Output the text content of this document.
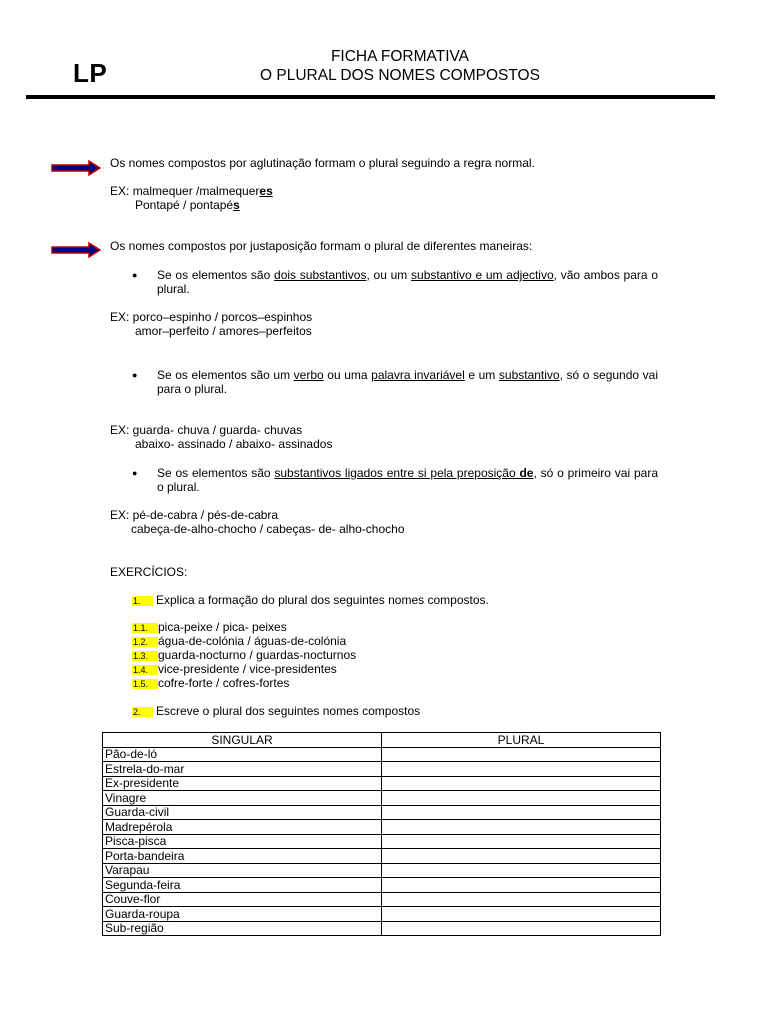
LP
FICHA FORMATIVA
O PLURAL DOS NOMES COMPOSTOS
Os nomes compostos por aglutinação formam o plural seguindo a regra normal.
EX: malmequer /malmequeres
Pontapé / pontapés
Os nomes compostos por justaposição formam o plural de diferentes maneiras:
● Se os elementos são dois substantivos, ou um substantivo e um adjectivo, vão ambos para o plural.
EX: porco–espinho / porcos–espinhos
amor–perfeito / amores–perfeitos
● Se os elementos são um verbo ou uma palavra invariável e um substantivo, só o segundo vai para o plural.
EX: guarda- chuva / guarda- chuvas
abaixo- assinado / abaixo- assinados
● Se os elementos são substantivos ligados entre si pela preposição de, só o primeiro vai para o plural.
EX: pé-de-cabra / pés-de-cabra
cabeça-de-alho-chocho / cabeças- de- alho-chocho
EXERCÍCIOS:
1. Explica a formação do plural dos seguintes nomes compostos.
1.1. pica-peixe / pica- peixes
1.2. água-de-colónia / águas-de-colónia
1.3. guarda-nocturno / guardas-nocturnos
1.4. vice-presidente / vice-presidentes
1.5. cofre-forte / cofres-fortes
2. Escreve o plural dos seguintes nomes compostos
SINGULAR	PLURAL
Pão-de-ló	
Estrela-do-mar	
Ex-presidente	
Vinagre	
Guarda-civil	
Madrepérola	
Pisca-pisca	
Porta-bandeira	
Varapau	
Segunda-feira	
Couve-flor	
Guarda-roupa	
Sub-região	
